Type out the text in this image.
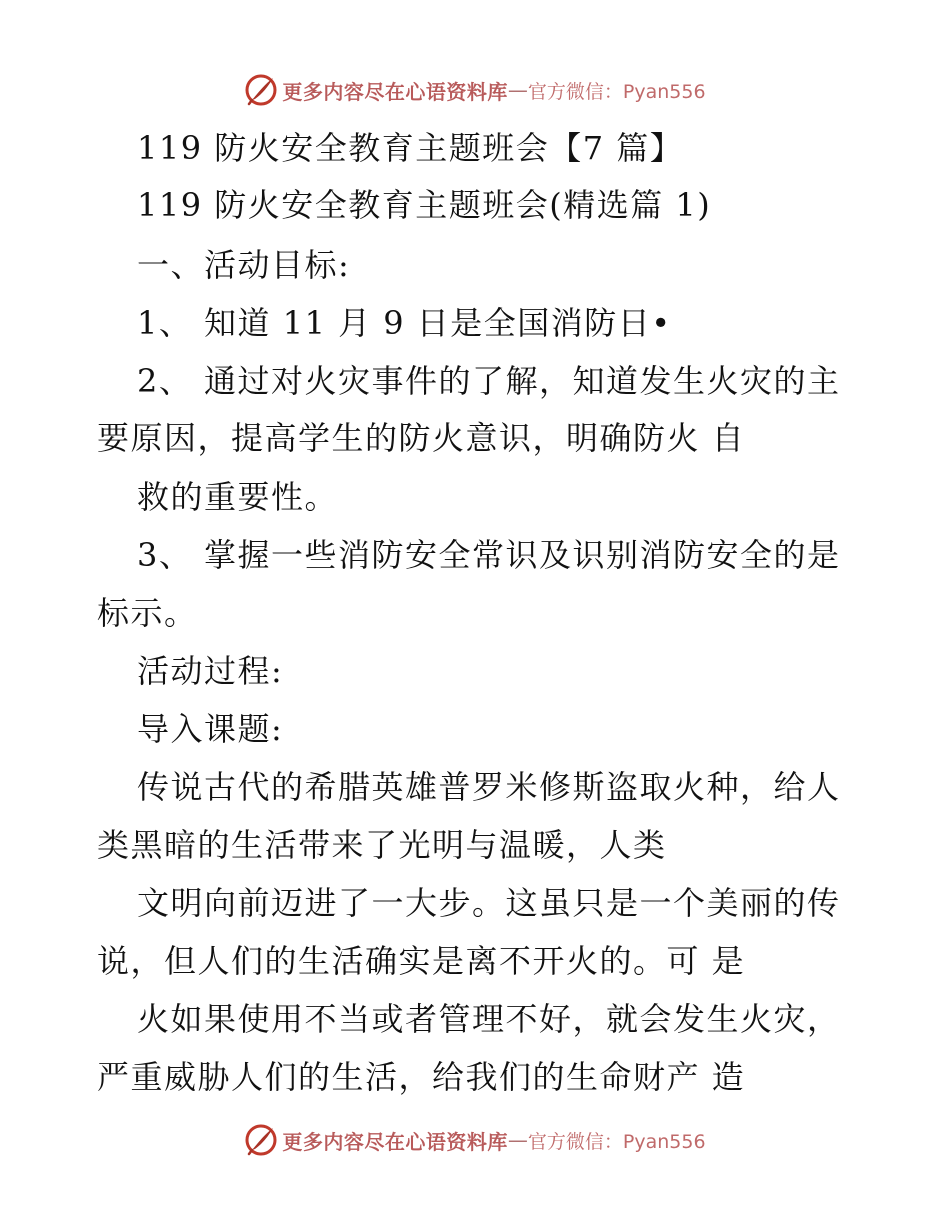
更多内容尽在心语资料库 — 官方微信：Pyan556
119 防火安全教育主题班会【7 篇】
119 防火安全教育主题班会(精选篇 1)
一、活动目标:
1、 知道 11 月 9 日是全国消防日•
2、 通过对火灾事件的了解，知道发生火灾的主
要原因，提高学生的防火意识，明确防火 自
救的重要性。
3、 掌握一些消防安全常识及识别消防安全的是
标示。
活动过程:
导入课题:
传说古代的希腊英雄普罗米修斯盗取火种，给人
类黑暗的生活带来了光明与温暖，人类
文明向前迈进了一大步。这虽只是一个美丽的传
说，但人们的生活确实是离不开火的。可 是
火如果使用不当或者管理不好，就会发生火灾，
严重威胁人们的生活，给我们的生命财产 造
更多内容尽在心语资料库 — 官方微信：Pyan556
